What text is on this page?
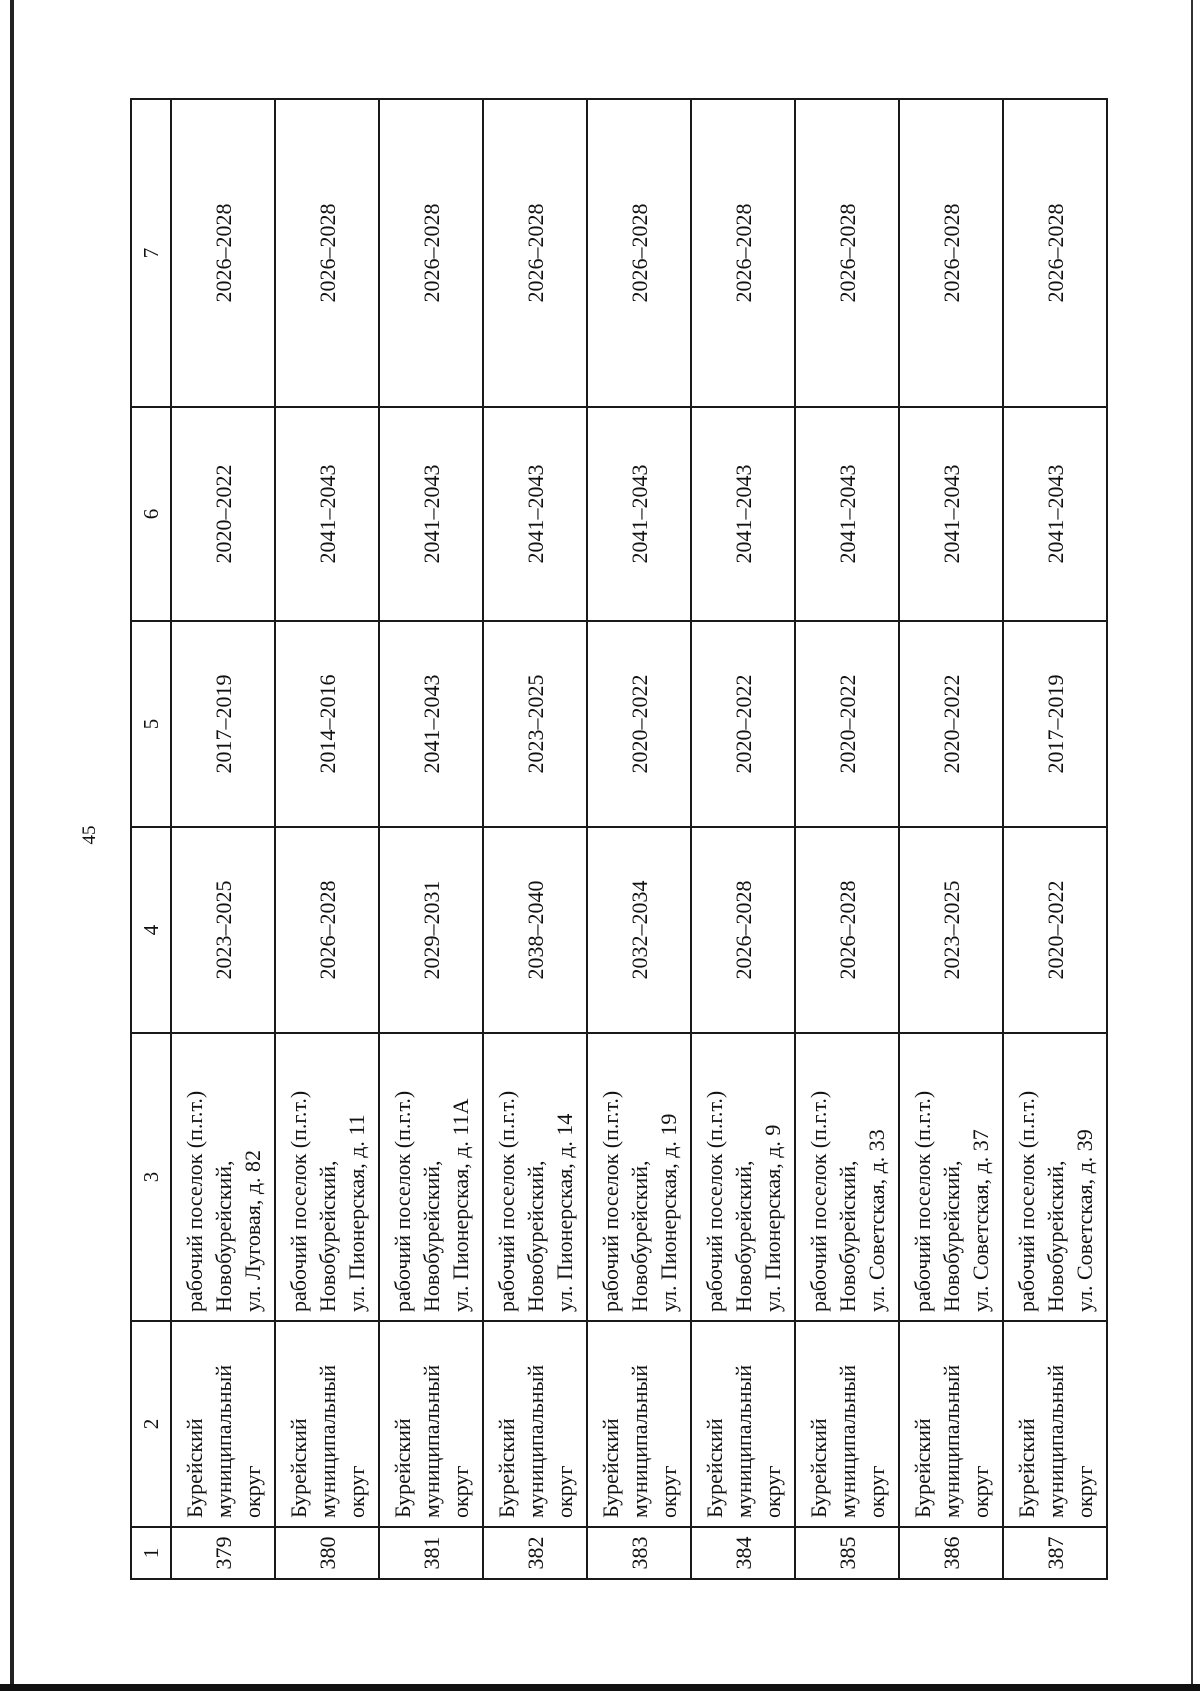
45
1	2	3	4	5	6	7
379	Бурейский муниципальный округ	рабочий поселок (п.г.т.) Новобурейский, ул. Луговая, д. 82	2023–2025	2017–2019	2020–2022	2026–2028
380	Бурейский муниципальный округ	рабочий поселок (п.г.т.) Новобурейский, ул. Пионерская, д. 11	2026–2028	2014–2016	2041–2043	2026–2028
381	Бурейский муниципальный округ	рабочий поселок (п.г.т.) Новобурейский, ул. Пионерская, д. 11А	2029–2031	2041–2043	2041–2043	2026–2028
382	Бурейский муниципальный округ	рабочий поселок (п.г.т.) Новобурейский, ул. Пионерская, д. 14	2038–2040	2023–2025	2041–2043	2026–2028
383	Бурейский муниципальный округ	рабочий поселок (п.г.т.) Новобурейский, ул. Пионерская, д. 19	2032–2034	2020–2022	2041–2043	2026–2028
384	Бурейский муниципальный округ	рабочий поселок (п.г.т.) Новобурейский, ул. Пионерская, д. 9	2026–2028	2020–2022	2041–2043	2026–2028
385	Бурейский муниципальный округ	рабочий поселок (п.г.т.) Новобурейский, ул. Советская, д. 33	2026–2028	2020–2022	2041–2043	2026–2028
386	Бурейский муниципальный округ	рабочий поселок (п.г.т.) Новобурейский, ул. Советская, д. 37	2023–2025	2020–2022	2041–2043	2026–2028
387	Бурейский муниципальный округ	рабочий поселок (п.г.т.) Новобурейский, ул. Советская, д. 39	2020–2022	2017–2019	2041–2043	2026–2028
